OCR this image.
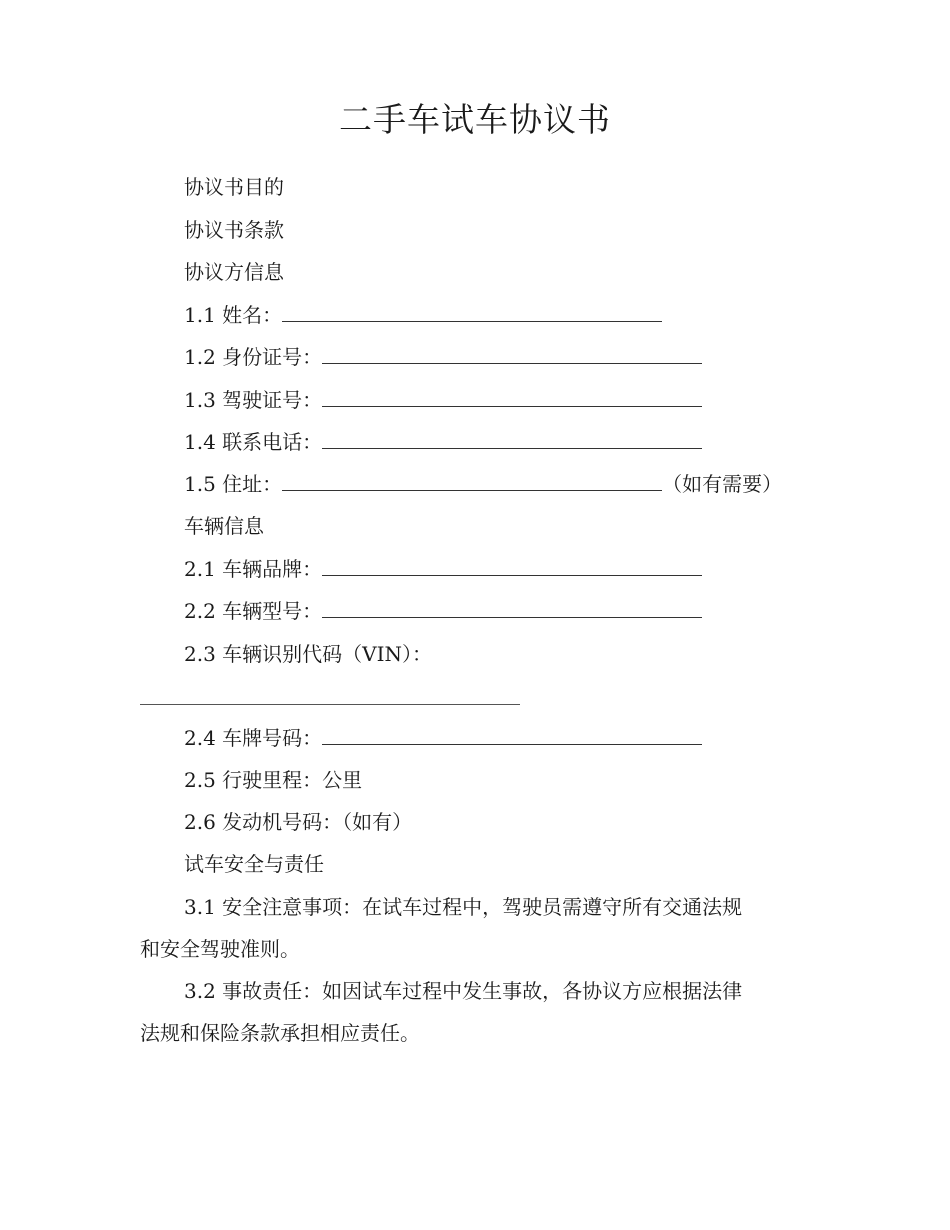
二手车试车协议书
协议书目的
协议书条款
协议方信息
1.1 姓名：
1.2 身份证号：
1.3 驾驶证号：
1.4 联系电话：
1.5 住址：	（如有需要）
车辆信息
2.1 车辆品牌：
2.2 车辆型号：
2.3 车辆识别代码（VIN）：
2.4 车牌号码：
2.5 行驶里程：公里
2.6 发动机号码：（如有）
试车安全与责任
3.1 安全注意事项：在试车过程中，驾驶员需遵守所有交通法规
和安全驾驶准则。
3.2 事故责任：如因试车过程中发生事故，各协议方应根据法律
法规和保险条款承担相应责任。
